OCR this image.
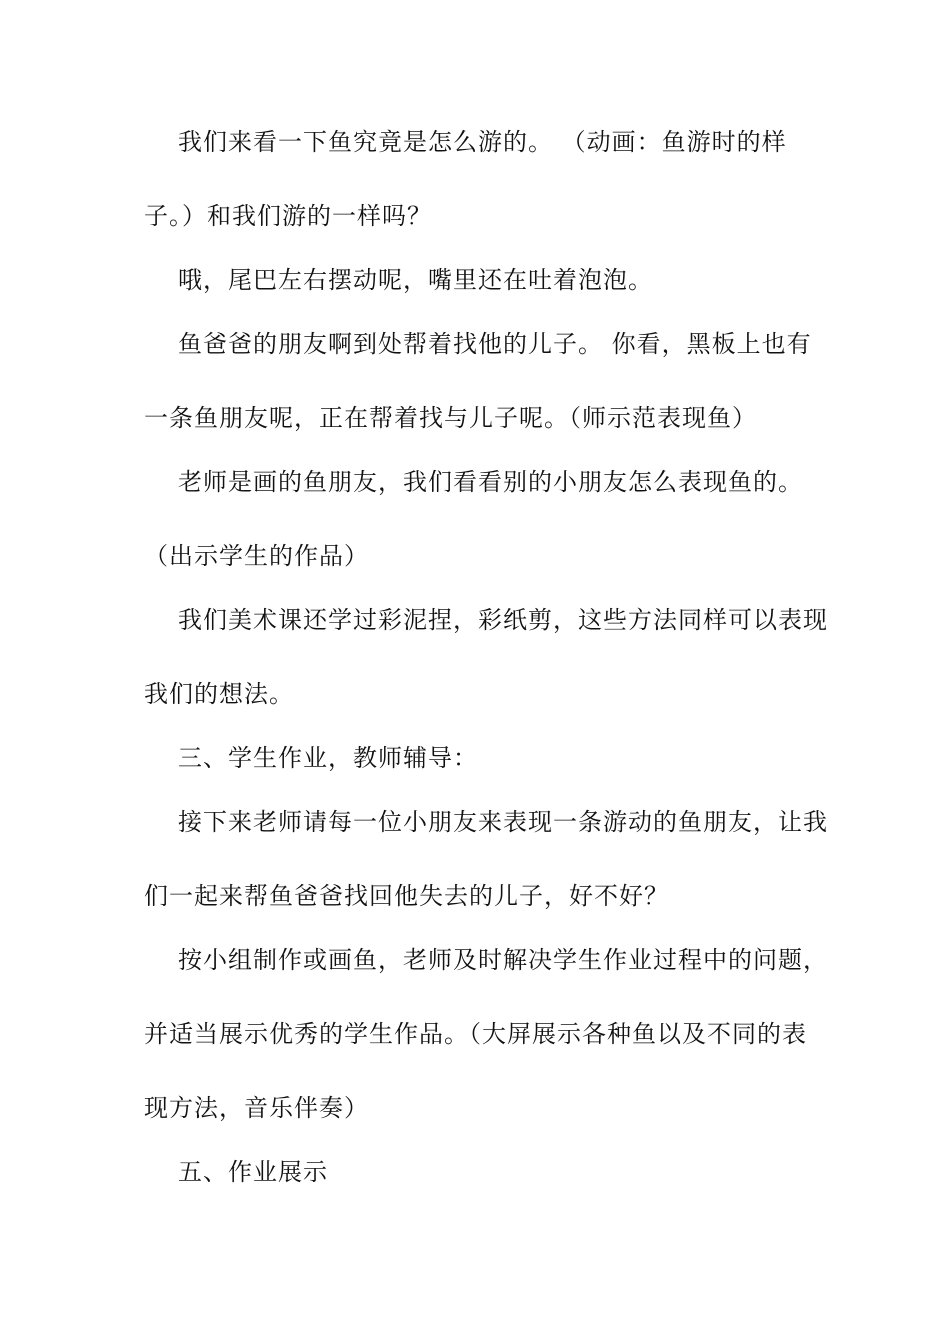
我们来看一下鱼究竟是怎么游的。 （动画：鱼游时的样
子。）和我们游的一样吗？
哦，尾巴左右摆动呢，嘴里还在吐着泡泡。
鱼爸爸的朋友啊到处帮着找他的儿子。 你看，黑板上也有
一条鱼朋友呢，正在帮着找与儿子呢。（师示范表现鱼）
老师是画的鱼朋友，我们看看别的小朋友怎么表现鱼的。
（出示学生的作品）
我们美术课还学过彩泥捏，彩纸剪，这些方法同样可以表现
我们的想法。
三、学生作业，教师辅导：
接下来老师请每一位小朋友来表现一条游动的鱼朋友，让我
们一起来帮鱼爸爸找回他失去的儿子，好不好？
按小组制作或画鱼，老师及时解决学生作业过程中的问题，
并适当展示优秀的学生作品。（大屏展示各种鱼以及不同的表
现方法，音乐伴奏）
五、作业展示
